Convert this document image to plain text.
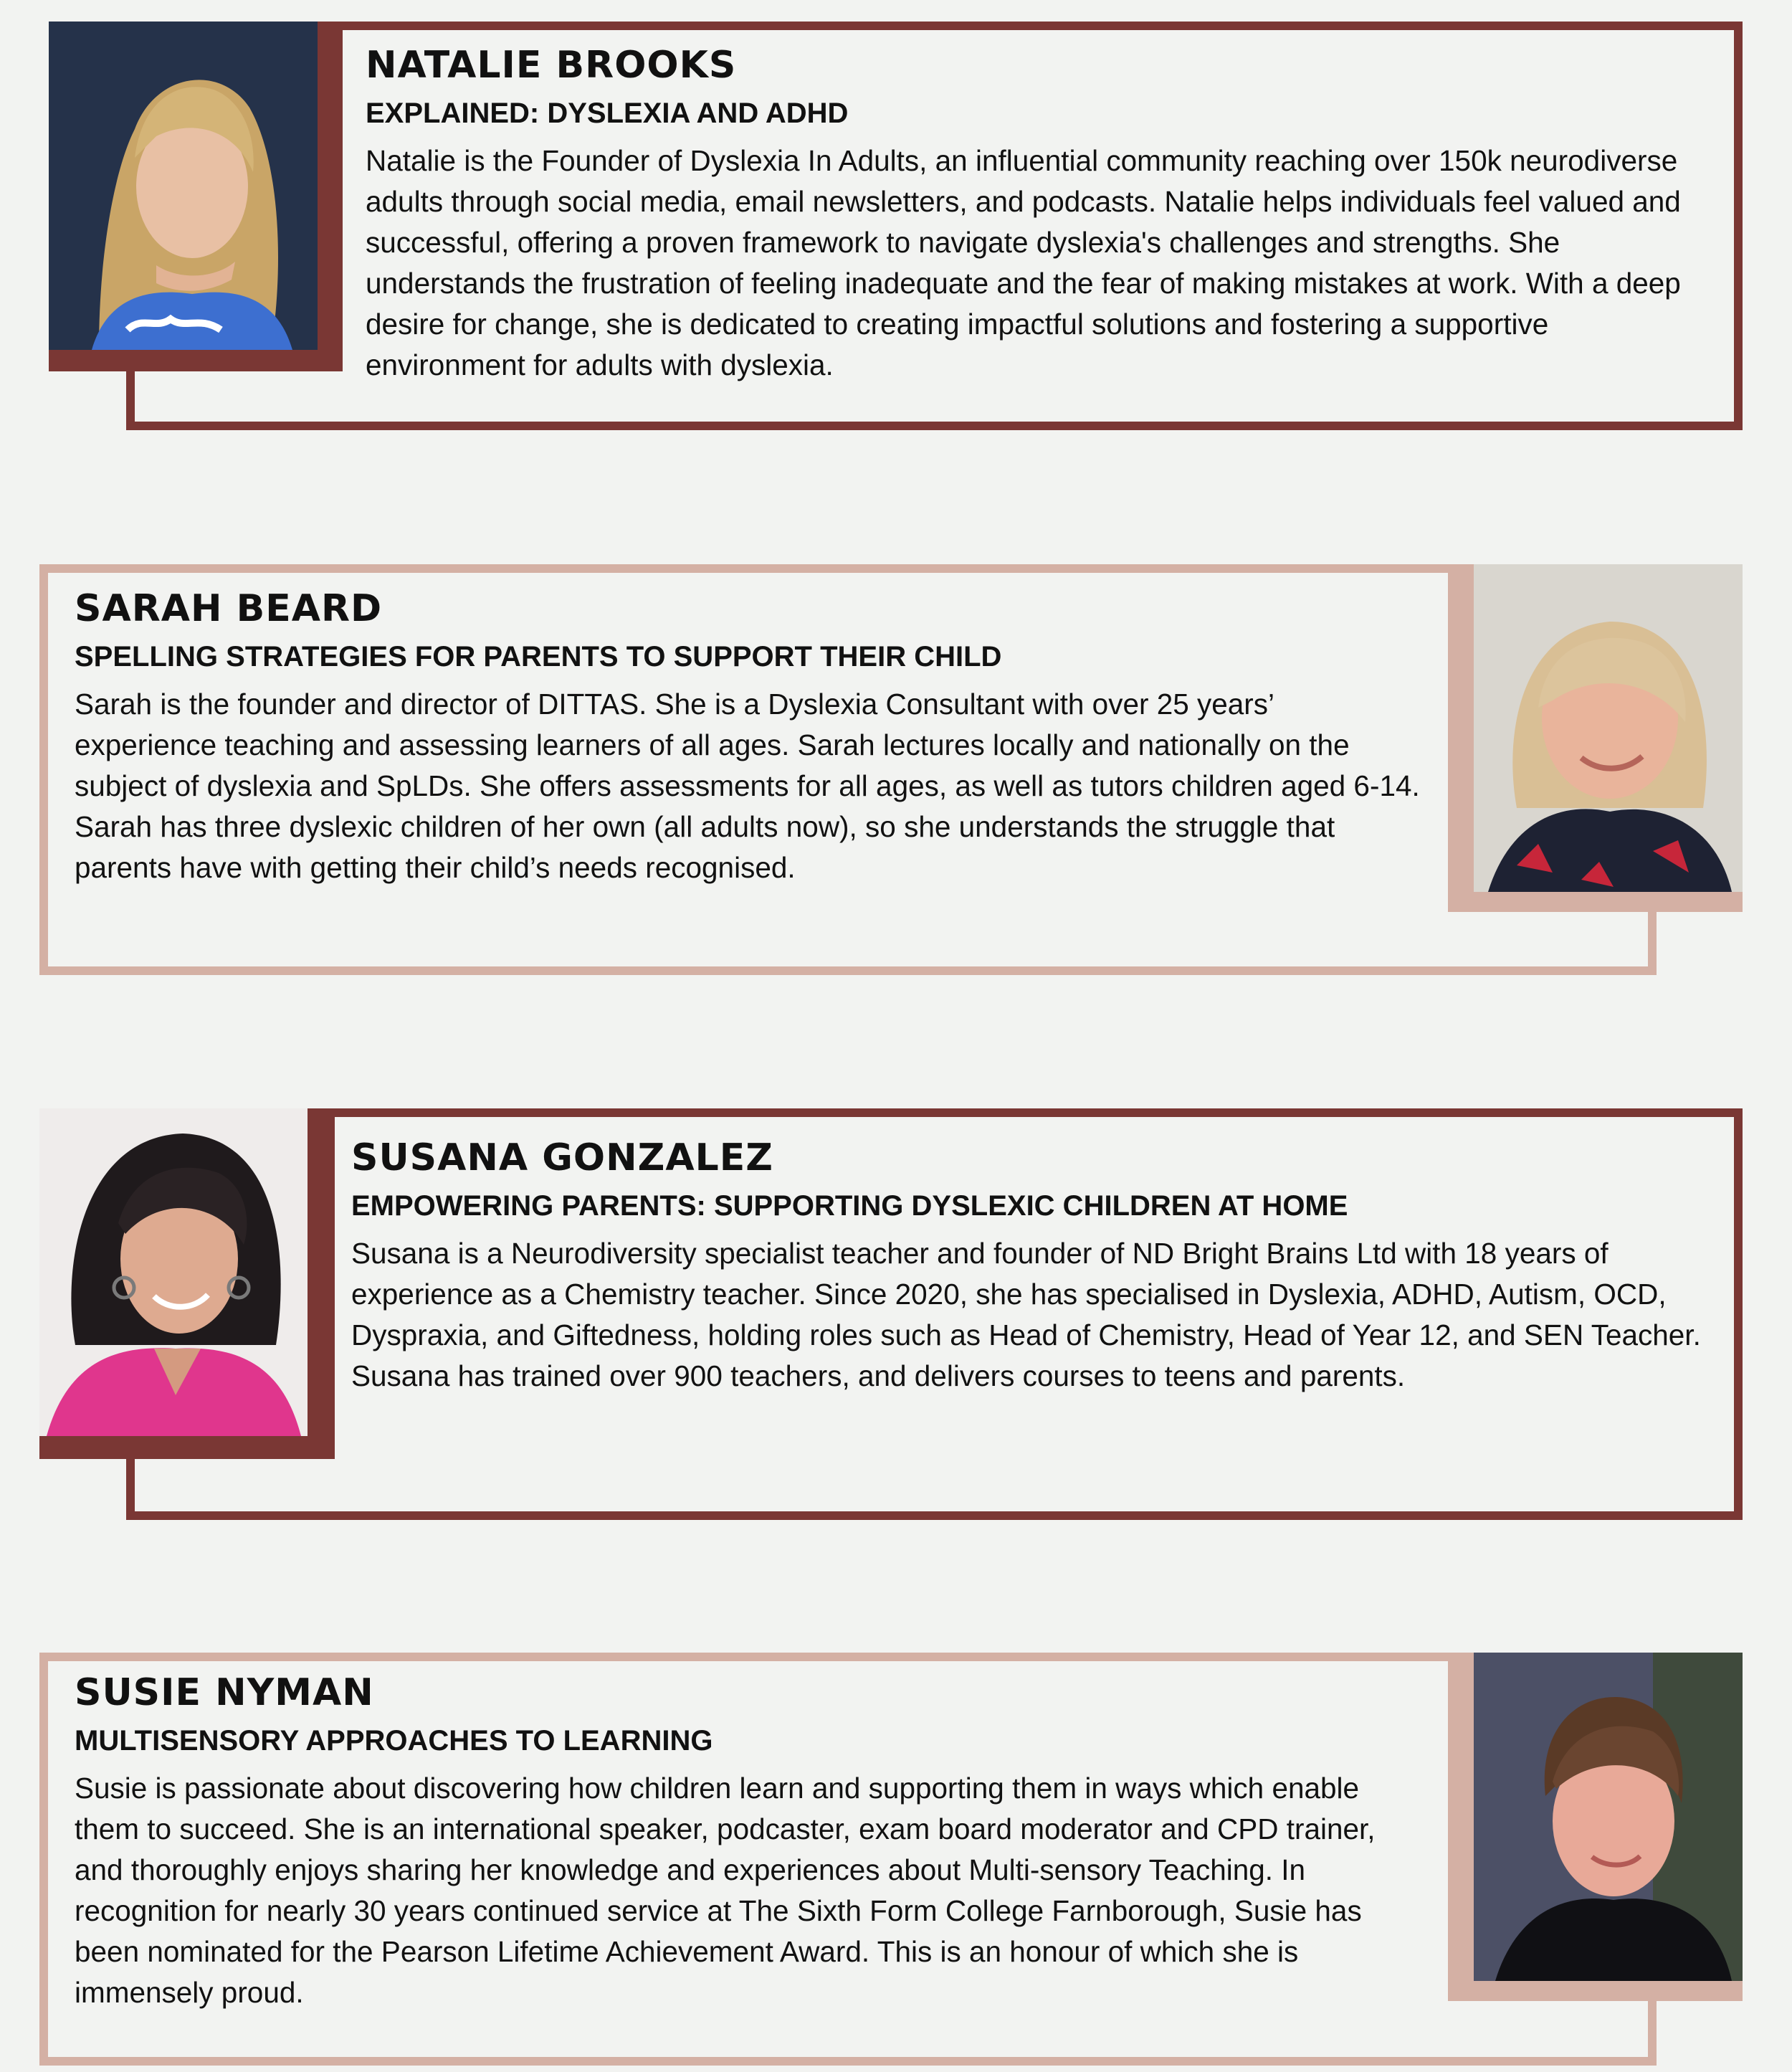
NATALIE BROOKS
EXPLAINED: DYSLEXIA AND ADHD

Natalie is the Founder of Dyslexia In Adults, an influential community reaching over 150k neurodiverse adults through social media, email newsletters, and podcasts. Natalie helps individuals feel valued and successful, offering a proven framework to navigate dyslexia's challenges and strengths. She understands the frustration of feeling inadequate and the fear of making mistakes at work. With a deep desire for change, she is dedicated to creating impactful solutions and fostering a supportive environment for adults with dyslexia.

SARAH BEARD
SPELLING STRATEGIES FOR PARENTS TO SUPPORT THEIR CHILD

Sarah is the founder and director of DITTAS. She is a Dyslexia Consultant with over 25 years’ experience teaching and assessing learners of all ages. Sarah lectures locally and nationally on the subject of dyslexia and SpLDs. She offers assessments for all ages, as well as tutors children aged 6-14. Sarah has three dyslexic children of her own (all adults now), so she understands the struggle that parents have with getting their child’s needs recognised.

SUSANA GONZALEZ
EMPOWERING PARENTS: SUPPORTING DYSLEXIC CHILDREN AT HOME

Susana is a Neurodiversity specialist teacher and founder of ND Bright Brains Ltd with 18 years of experience as a Chemistry teacher. Since 2020, she has specialised in Dyslexia, ADHD, Autism, OCD, Dyspraxia, and Giftedness, holding roles such as Head of Chemistry, Head of Year 12, and SEN Teacher. Susana has trained over 900 teachers, and delivers courses to teens and parents.

SUSIE NYMAN
MULTISENSORY APPROACHES TO LEARNING

Susie is passionate about discovering how children learn and supporting them in ways which enable them to succeed. She is an international speaker, podcaster, exam board moderator and CPD trainer, and thoroughly enjoys sharing her knowledge and experiences about Multi-sensory Teaching. In recognition for nearly 30 years continued service at The Sixth Form College Farnborough, Susie has been nominated for the Pearson Lifetime Achievement Award. This is an honour of which she is immensely proud.
